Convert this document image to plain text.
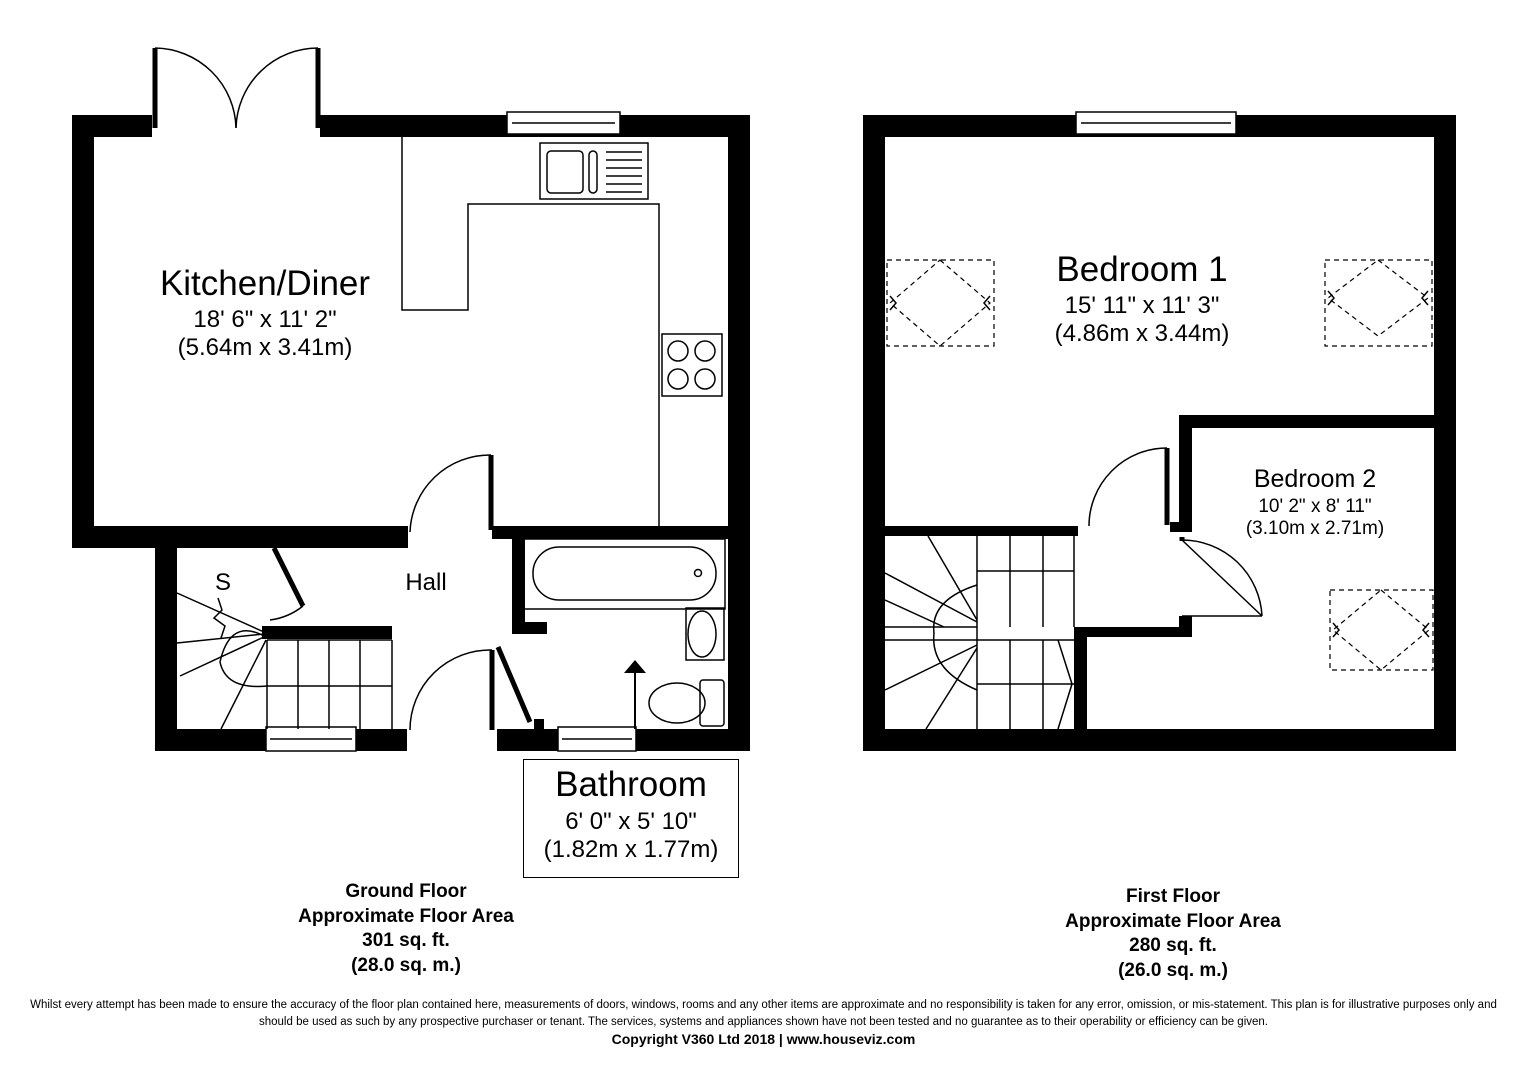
Kitchen/Diner
18' 6" x 11' 2"
(5.64m x 3.41m)
Hall
S
Bathroom
6' 0" x 5' 10"
(1.82m x 1.77m)
Bedroom 1
15' 11" x 11' 3"
(4.86m x 3.44m)
Bedroom 2
10' 2" x 8' 11"
(3.10m x 2.71m)
Ground Floor
Approximate Floor Area
301 sq. ft.
(28.0 sq. m.)
First Floor
Approximate Floor Area
280 sq. ft.
(26.0 sq. m.)
Whilst every attempt has been made to ensure the accuracy of the floor plan contained here, measurements of doors, windows, rooms and any other items are approximate and no responsibility is taken for any error, omission, or mis-statement. This plan is for illustrative purposes only and should be used as such by any prospective purchaser or tenant. The services, systems and appliances shown have not been tested and no guarantee as to their operability or efficiency can be given.
Copyright V360 Ltd 2018 | www.houseviz.com
